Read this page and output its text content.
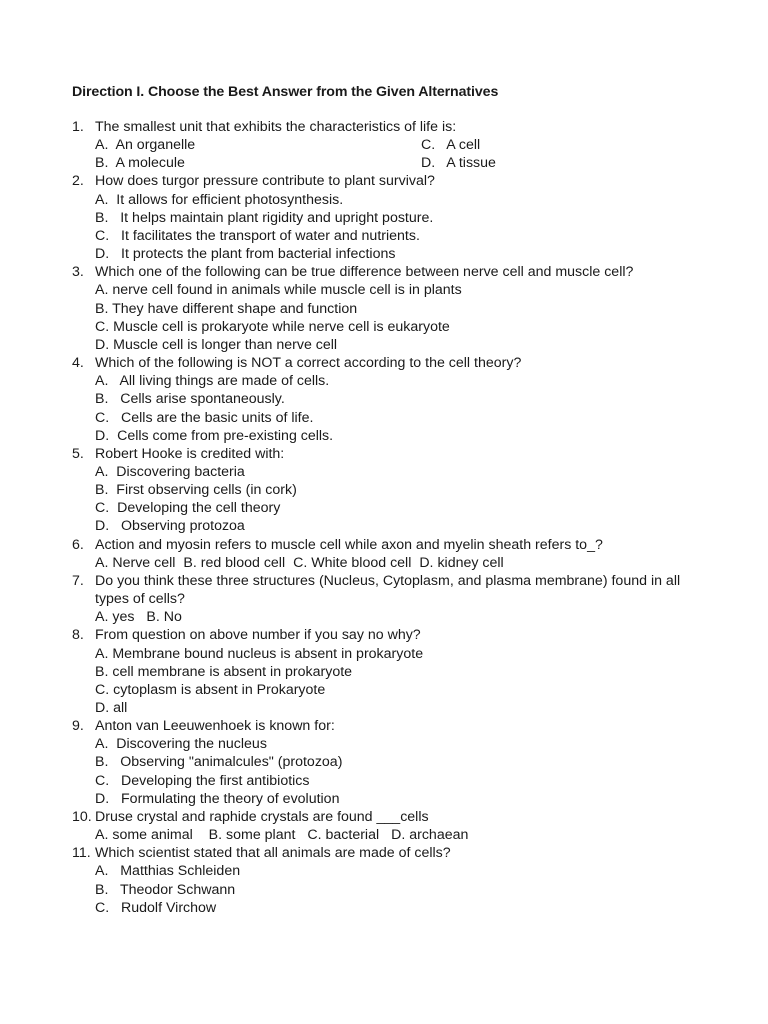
Direction I. Choose the Best Answer from the Given Alternatives
1. The smallest unit that exhibits the characteristics of life is:
A.  An organelle	C.   A cell
B.  A molecule	D.   A tissue
2. How does turgor pressure contribute to plant survival?
A.  It allows for efficient photosynthesis.
B.   It helps maintain plant rigidity and upright posture.
C.   It facilitates the transport of water and nutrients.
D.   It protects the plant from bacterial infections
3. Which one of the following can be true difference between nerve cell and muscle cell?
A. nerve cell found in animals while muscle cell is in plants
B. They have different shape and function
C. Muscle cell is prokaryote while nerve cell is eukaryote
D. Muscle cell is longer than nerve cell
4. Which of the following is NOT a correct according to the cell theory?
A.   All living things are made of cells.
B.   Cells arise spontaneously.
C.   Cells are the basic units of life.
D.  Cells come from pre-existing cells.
5. Robert Hooke is credited with:
A.  Discovering bacteria
B.  First observing cells (in cork)
C.  Developing the cell theory
D.   Observing protozoa
6. Action and myosin refers to muscle cell while axon and myelin sheath refers to_?
A. Nerve cell B. red blood cell C. White blood cell D. kidney cell
7. Do you think these three structures (Nucleus, Cytoplasm, and plasma membrane) found in all types of cells?
A. yes B. No
8. From question on above number if you say no why?
A. Membrane bound nucleus is absent in prokaryote
B. cell membrane is absent in prokaryote
C. cytoplasm is absent in Prokaryote
D. all
9. Anton van Leeuwenhoek is known for:
A.  Discovering the nucleus
B.   Observing "animalcules" (protozoa)
C.   Developing the first antibiotics
D.   Formulating the theory of evolution
10. Druse crystal and raphide crystals are found ___cells
A. some animal  B. some plant C. bacterial D. archaean
11. Which scientist stated that all animals are made of cells?
A.   Matthias Schleiden
B.   Theodor Schwann
C.   Rudolf Virchow
